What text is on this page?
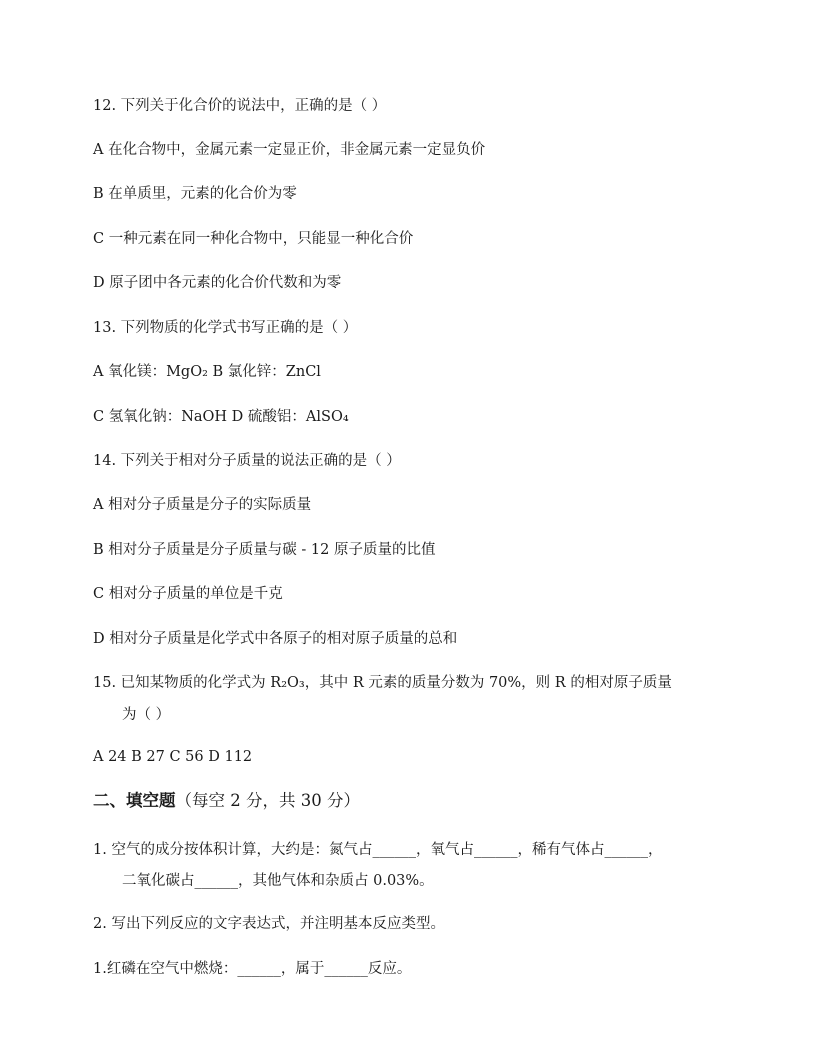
12. 下列关于化合价的说法中，正确的是（ ）
A 在化合物中，金属元素一定显正价，非金属元素一定显负价
B 在单质里，元素的化合价为零
C 一种元素在同一种化合物中，只能显一种化合价
D 原子团中各元素的化合价代数和为零
13. 下列物质的化学式书写正确的是（ ）
A 氧化镁：MgO₂ B 氯化锌：ZnCl
C 氢氧化钠：NaOH D 硫酸铝：AlSO₄
14. 下列关于相对分子质量的说法正确的是（ ）
A 相对分子质量是分子的实际质量
B 相对分子质量是分子质量与碳 - 12 原子质量的比值
C 相对分子质量的单位是千克
D 相对分子质量是化学式中各原子的相对原子质量的总和
15. 已知某物质的化学式为 R₂O₃，其中 R 元素的质量分数为 70%，则 R 的相对原子质量
为（ ）
A 24 B 27 C 56 D 112
二、填空题（每空 2 分，共 30 分）
1. 空气的成分按体积计算，大约是：氮气占______，氧气占______，稀有气体占______，
二氧化碳占______，其他气体和杂质占 0.03%。
2. 写出下列反应的文字表达式，并注明基本反应类型。
1.红磷在空气中燃烧：______，属于______反应。
